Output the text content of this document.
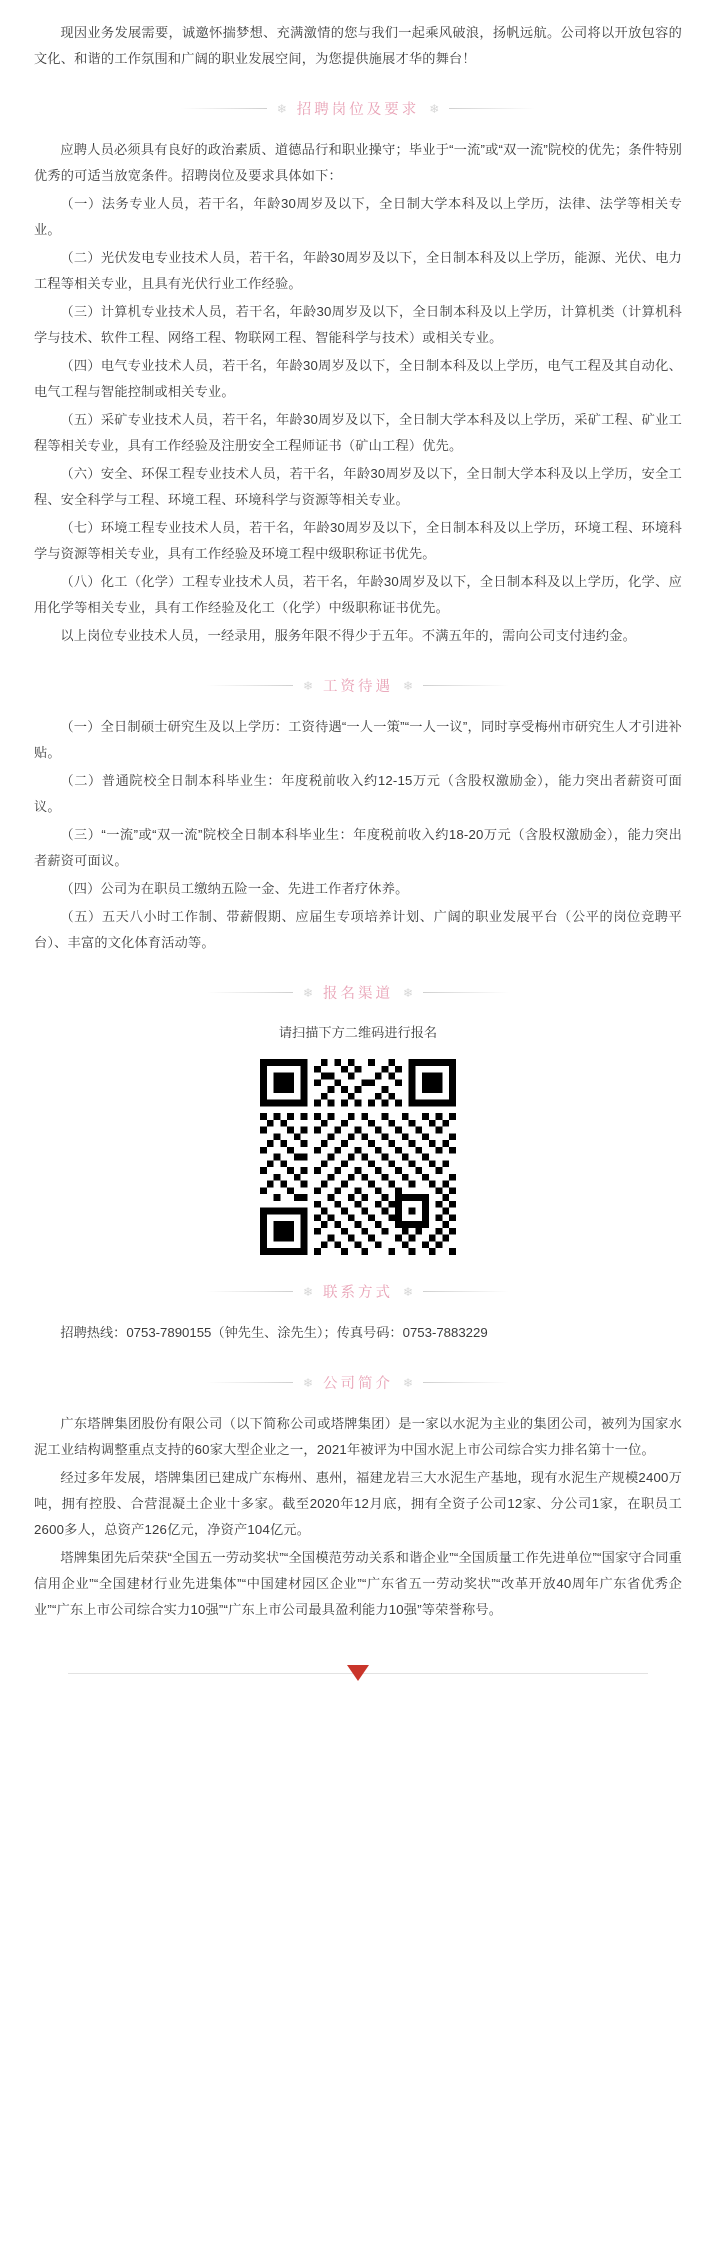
现因业务发展需要，诚邀怀揣梦想、充满激情的您与我们一起乘风破浪，扬帆远航。公司将以开放包容的文化、和谐的工作氛围和广阔的职业发展空间，为您提供施展才华的舞台！

❄ 招聘岗位及要求 ❄

应聘人员必须具有良好的政治素质、道德品行和职业操守；毕业于“一流”或“双一流”院校的优先；条件特别优秀的可适当放宽条件。招聘岗位及要求具体如下：

（一）法务专业人员，若干名，年龄30周岁及以下，全日制大学本科及以上学历，法律、法学等相关专业。

（二）光伏发电专业技术人员，若干名，年龄30周岁及以下，全日制本科及以上学历，能源、光伏、电力工程等相关专业，且具有光伏行业工作经验。

（三）计算机专业技术人员，若干名，年龄30周岁及以下，全日制本科及以上学历，计算机类（计算机科学与技术、软件工程、网络工程、物联网工程、智能科学与技术）或相关专业。

（四）电气专业技术人员，若干名，年龄30周岁及以下，全日制本科及以上学历，电气工程及其自动化、电气工程与智能控制或相关专业。

（五）采矿专业技术人员，若干名，年龄30周岁及以下，全日制大学本科及以上学历，采矿工程、矿业工程等相关专业，具有工作经验及注册安全工程师证书（矿山工程）优先。

（六）安全、环保工程专业技术人员，若干名，年龄30周岁及以下，全日制大学本科及以上学历，安全工程、安全科学与工程、环境工程、环境科学与资源等相关专业。

（七）环境工程专业技术人员，若干名，年龄30周岁及以下，全日制本科及以上学历，环境工程、环境科学与资源等相关专业，具有工作经验及环境工程中级职称证书优先。

（八）化工（化学）工程专业技术人员，若干名，年龄30周岁及以下，全日制本科及以上学历，化学、应用化学等相关专业，具有工作经验及化工（化学）中级职称证书优先。

以上岗位专业技术人员，一经录用，服务年限不得少于五年。不满五年的，需向公司支付违约金。

❄ 工资待遇 ❄

（一）全日制硕士研究生及以上学历：工资待遇“一人一策”“一人一议”，同时享受梅州市研究生人才引进补贴。

（二）普通院校全日制本科毕业生：年度税前收入约12-15万元（含股权激励金），能力突出者薪资可面议。

（三）“一流”或“双一流”院校全日制本科毕业生：年度税前收入约18-20万元（含股权激励金），能力突出者薪资可面议。

（四）公司为在职员工缴纳五险一金、先进工作者疗休养。

（五）五天八小时工作制、带薪假期、应届生专项培养计划、广阔的职业发展平台（公平的岗位竞聘平台）、丰富的文化体育活动等。

❄ 报名渠道 ❄
请扫描下方二维码进行报名
❄ 联系方式 ❄
招聘热线：0753-7890155（钟先生、涂先生）；传真号码：0753-7883229
❄ 公司简介 ❄

广东塔牌集团股份有限公司（以下简称公司或塔牌集团）是一家以水泥为主业的集团公司，被列为国家水泥工业结构调整重点支持的60家大型企业之一，2021年被评为中国水泥上市公司综合实力排名第十一位。

经过多年发展，塔牌集团已建成广东梅州、惠州，福建龙岩三大水泥生产基地，现有水泥生产规模2400万吨，拥有控股、合营混凝土企业十多家。截至2020年12月底，拥有全资子公司12家、分公司1家，在职员工2600多人，总资产126亿元，净资产104亿元。

塔牌集团先后荣获“全国五一劳动奖状”“全国模范劳动关系和谐企业”“全国质量工作先进单位”“国家守合同重信用企业”“全国建材行业先进集体”“中国建材园区企业”“广东省五一劳动奖状”“改革开放40周年广东省优秀企业”“广东上市公司综合实力10强”“广东上市公司最具盈利能力10强”等荣誉称号。
